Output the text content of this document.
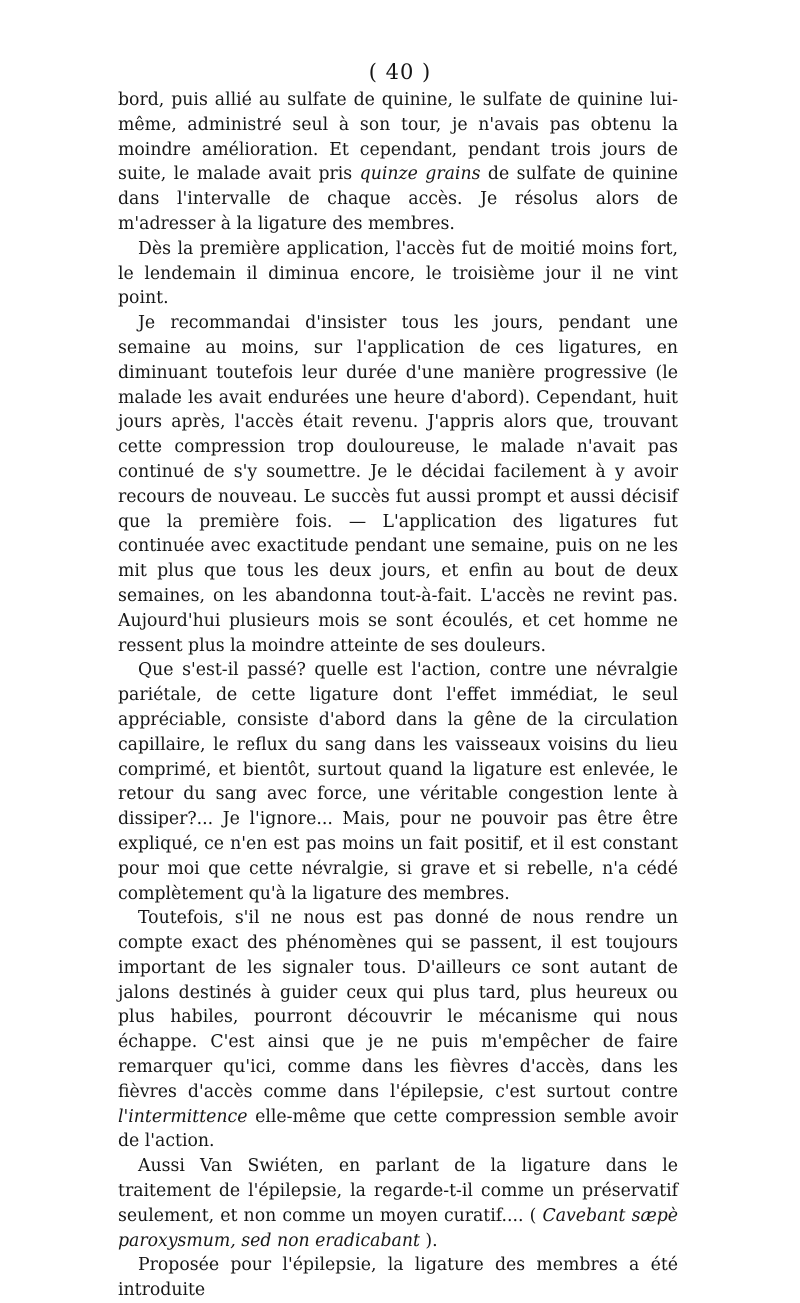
( 40 )

bord, puis allié au sulfate de quinine, le sulfate de quinine lui-même, administré seul à son tour, je n'avais pas obtenu la moindre amélioration. Et cependant, pendant trois jours de suite, le malade avait pris quinze grains de sulfate de quinine dans l'intervalle de chaque accès. Je résolus alors de m'adresser à la ligature des membres.

Dès la première application, l'accès fut de moitié moins fort, le lendemain il diminua encore, le troisième jour il ne vint point.

Je recommandai d'insister tous les jours, pendant une semaine au moins, sur l'application de ces ligatures, en diminuant toutefois leur durée d'une manière progressive (le malade les avait endurées une heure d'abord). Cependant, huit jours après, l'accès était revenu. J'appris alors que, trouvant cette compression trop douloureuse, le malade n'avait pas continué de s'y soumettre. Je le décidai facilement à y avoir recours de nouveau. Le succès fut aussi prompt et aussi décisif que la première fois. — L'application des ligatures fut continuée avec exactitude pendant une semaine, puis on ne les mit plus que tous les deux jours, et enfin au bout de deux semaines, on les abandonna tout-à-fait. L'accès ne revint pas. Aujourd'hui plusieurs mois se sont écoulés, et cet homme ne ressent plus la moindre atteinte de ses douleurs.

Que s'est-il passé? quelle est l'action, contre une névralgie pariétale, de cette ligature dont l'effet immédiat, le seul appréciable, consiste d'abord dans la gêne de la circulation capillaire, le reflux du sang dans les vaisseaux voisins du lieu comprimé, et bientôt, surtout quand la ligature est enlevée, le retour du sang avec force, une véritable congestion lente à dissiper?... Je l'ignore... Mais, pour ne pouvoir pas être être expliqué, ce n'en est pas moins un fait positif, et il est constant pour moi que cette névralgie, si grave et si rebelle, n'a cédé complètement qu'à la ligature des membres.

Toutefois, s'il ne nous est pas donné de nous rendre un compte exact des phénomènes qui se passent, il est toujours important de les signaler tous. D'ailleurs ce sont autant de jalons destinés à guider ceux qui plus tard, plus heureux ou plus habiles, pourront découvrir le mécanisme qui nous échappe. C'est ainsi que je ne puis m'empêcher de faire remarquer qu'ici, comme dans les fièvres d'accès, dans les fièvres d'accès comme dans l'épilepsie, c'est surtout contre l'intermittence elle-même que cette compression semble avoir de l'action.

Aussi Van Swiéten, en parlant de la ligature dans le traitement de l'épilepsie, la regarde-t-il comme un préservatif seulement, et non comme un moyen curatif.... ( Cavebant sæpè paroxysmum, sed non eradicabant ).

Proposée pour l'épilepsie, la ligature des membres a été introduite
